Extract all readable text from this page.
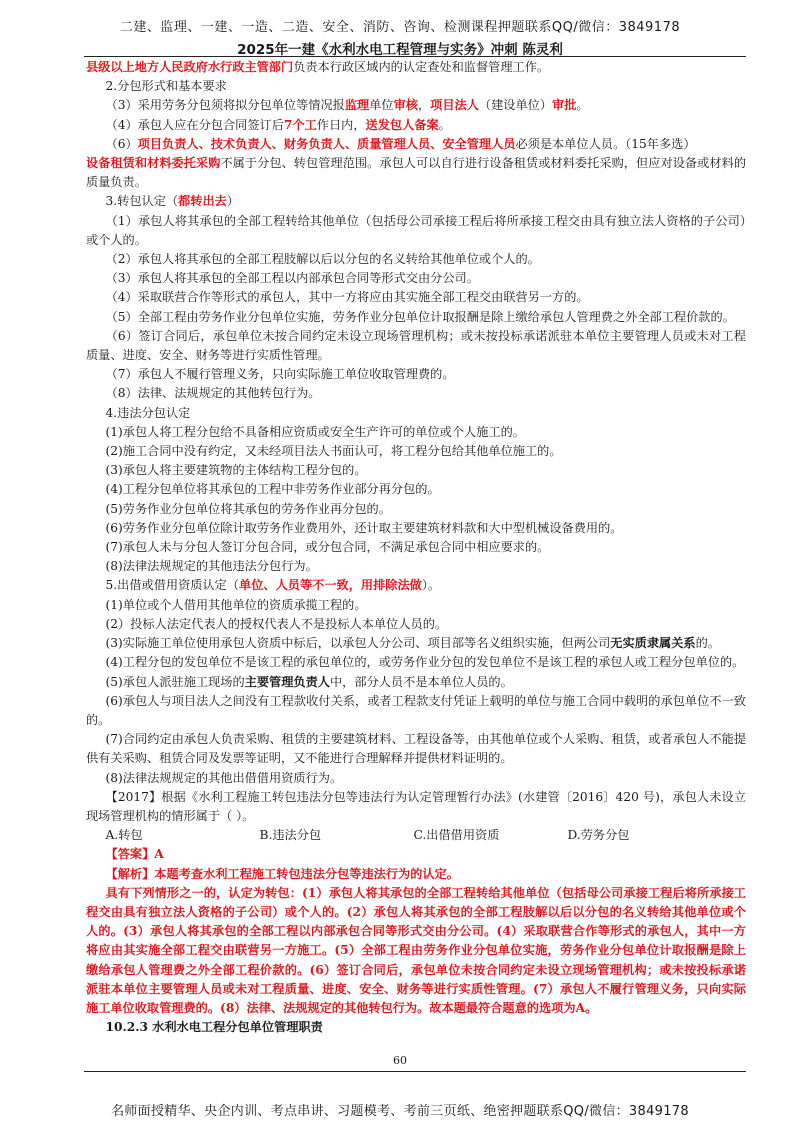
二建、监理、一建、一造、二造、安全、消防、咨询、检测课程押题联系QQ/微信：3849178
2025年一建《水利水电工程管理与实务》冲刺 陈灵利

县级以上地方人民政府水行政主管部门负责本行政区域内的认定查处和监督管理工作。

2.分包形式和基本要求

（3）采用劳务分包须将拟分包单位等情况报监理单位审核，项目法人（建设单位）审批。

（4）承包人应在分包合同签订后7个工作日内，送发包人备案。

（6）项目负责人、技术负责人、财务负责人、质量管理人员、安全管理人员必须是本单位人员。（15年多选）

设备租赁和材料委托采购不属于分包、转包管理范围。承包人可以自行进行设备租赁或材料委托采购，但应对设备或材料的质量负责。

3.转包认定（都转出去）

（1）承包人将其承包的全部工程转给其他单位（包括母公司承接工程后将所承接工程交由具有独立法人资格的子公司）或个人的。

（2）承包人将其承包的全部工程肢解以后以分包的名义转给其他单位或个人的。

（3）承包人将其承包的全部工程以内部承包合同等形式交由分公司。

（4）采取联营合作等形式的承包人，其中一方将应由其实施全部工程交由联营另一方的。

（5）全部工程由劳务作业分包单位实施，劳务作业分包单位计取报酬是除上缴给承包人管理费之外全部工程价款的。

（6）签订合同后，承包单位未按合同约定未设立现场管理机构；或未按投标承诺派驻本单位主要管理人员或未对工程质量、进度、安全、财务等进行实质性管理。

（7）承包人不履行管理义务，只向实际施工单位收取管理费的。

（8）法律、法规规定的其他转包行为。

4.违法分包认定

(1)承包人将工程分包给不具备相应资质或安全生产许可的单位或个人施工的。

(2)施工合同中没有约定，又未经项目法人书面认可，将工程分包给其他单位施工的。

(3)承包人将主要建筑物的主体结构工程分包的。

(4)工程分包单位将其承包的工程中非劳务作业部分再分包的。

(5)劳务作业分包单位将其承包的劳务作业再分包的。

(6)劳务作业分包单位除计取劳务作业费用外，还计取主要建筑材料款和大中型机械设备费用的。

(7)承包人未与分包人签订分包合同，或分包合同，不满足承包合同中相应要求的。

(8)法律法规规定的其他违法分包行为。

5.出借或借用资质认定（单位、人员等不一致，用排除法做）。

(1)单位或个人借用其他单位的资质承揽工程的。

(2）投标人法定代表人的授权代表人不是投标人本单位人员的。

(3)实际施工单位使用承包人资质中标后，以承包人分公司、项目部等名义组织实施，但两公司无实质隶属关系的。

(4)工程分包的发包单位不是该工程的承包单位的，或劳务作业分包的发包单位不是该工程的承包人或工程分包单位的。

(5)承包人派驻施工现场的主要管理负责人中，部分人员不是本单位人员的。

(6)承包人与项目法人之间没有工程款收付关系，或者工程款支付凭证上载明的单位与施工合同中载明的承包单位不一致的。

(7)合同约定由承包人负责采购、租赁的主要建筑材料、工程设备等，由其他单位或个人采购、租赁，或者承包人不能提供有关采购、租赁合同及发票等证明，又不能进行合理解释并提供材料证明的。

(8)法律法规规定的其他出借借用资质行为。

【2017】根据《水利工程施工转包违法分包等违法行为认定管理暂行办法》(水建管〔2016〕420 号)，承包人未设立现场管理机构的情形属于（ ）。

A.转包	B.违法分包	C.出借借用资质	D.劳务分包

【答案】A

【解析】本题考查水利工程施工转包违法分包等违法行为的认定。

具有下列情形之一的，认定为转包：(1）承包人将其承包的全部工程转给其他单位（包括母公司承接工程后将所承接工程交由具有独立法人资格的子公司）或个人的。(2）承包人将其承包的全部工程肢解以后以分包的名义转给其他单位或个人的。(3）承包人将其承包的全部工程以内部承包合同等形式交由分公司。(4）采取联营合作等形式的承包人，其中一方将应由其实施全部工程交由联营另一方施工。(5）全部工程由劳务作业分包单位实施，劳务作业分包单位计取报酬是除上缴给承包人管理费之外全部工程价款的。(6）签订合同后，承包单位未按合同约定未设立现场管理机构；或未按投标承诺派驻本单位主要管理人员或未对工程质量、进度、安全、财务等进行实质性管理。(7）承包人不履行管理义务，只向实际施工单位收取管理费的。(8）法律、法规规定的其他转包行为。故本题最符合题意的选项为A。

10.2.3 水利水电工程分包单位管理职责

60
名师面授精华、央企内训、考点串讲、习题模考、考前三页纸、绝密押题联系QQ/微信：3849178
